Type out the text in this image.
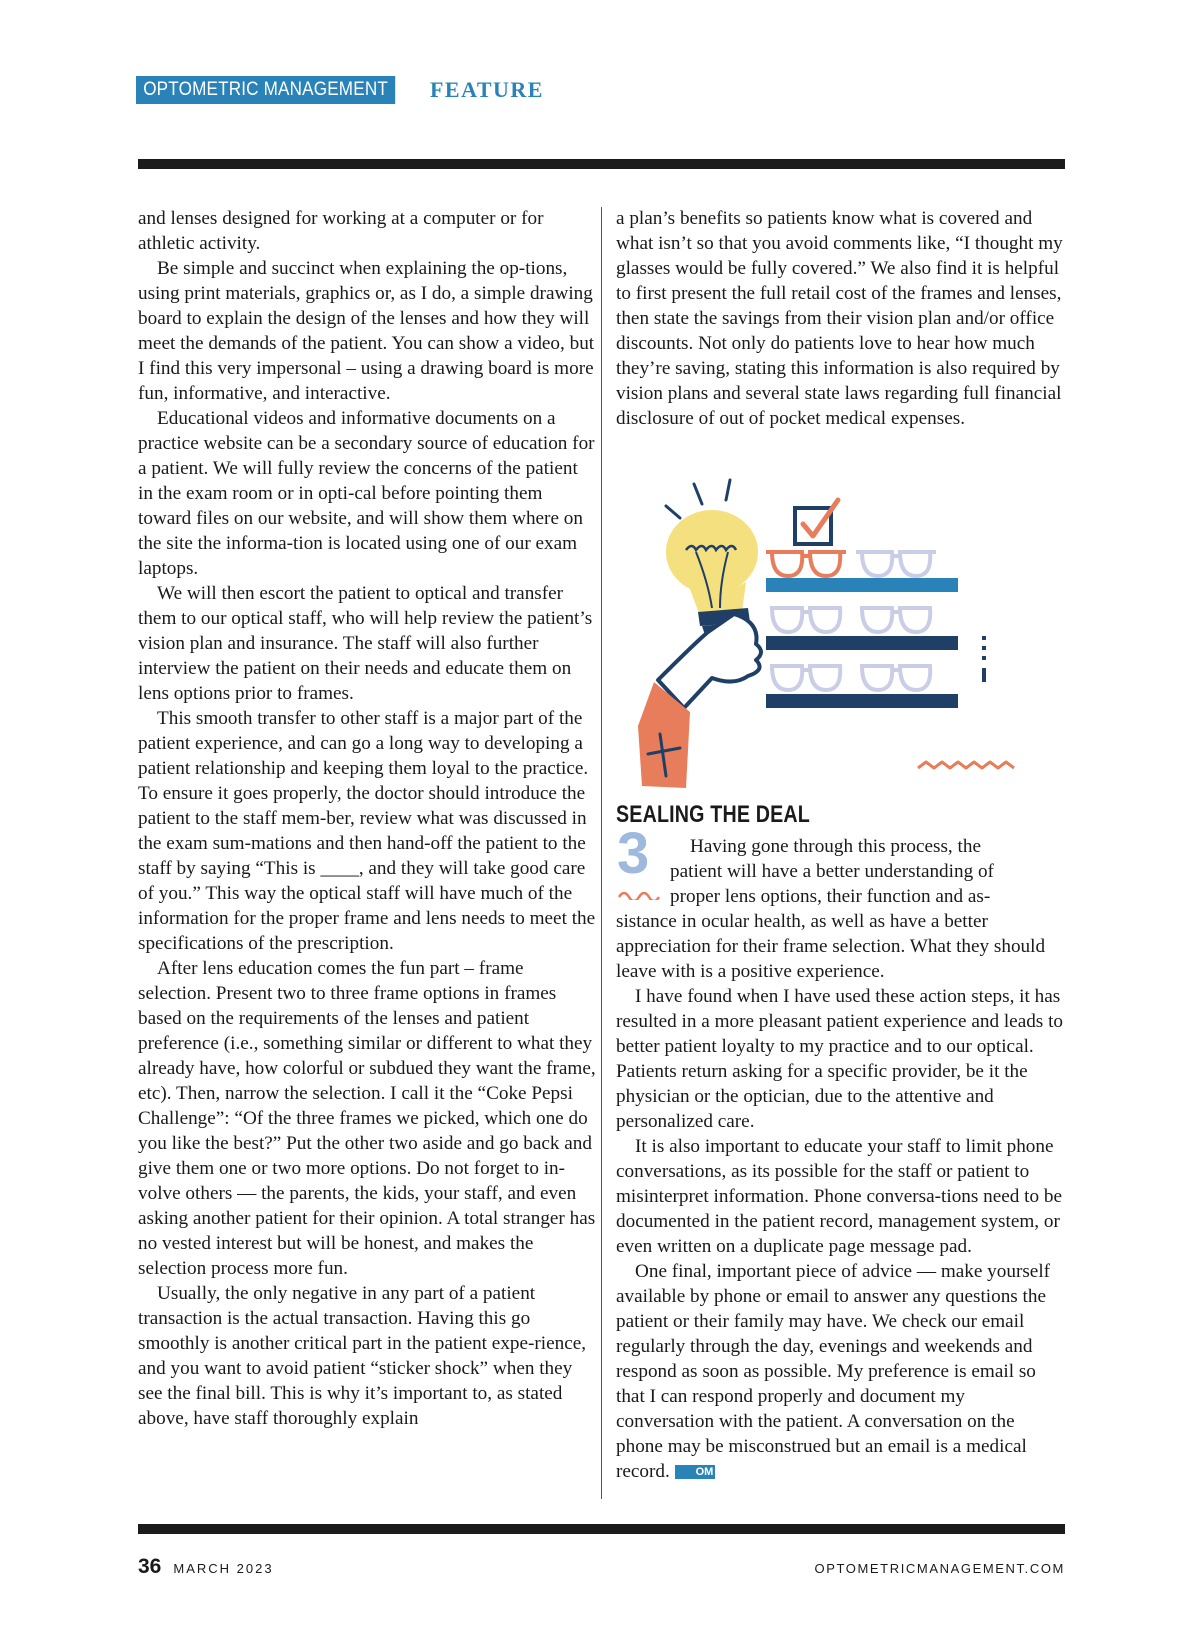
OPTOMETRIC MANAGEMENT	FEATURE

and lenses designed for working at a computer or for athletic activity.

Be simple and succinct when explaining the op-tions, using print materials, graphics or, as I do, a simple drawing board to explain the design of the lenses and how they will meet the demands of the patient. You can show a video, but I find this very impersonal – using a drawing board is more fun, informative, and interactive.

Educational videos and informative documents on a practice website can be a secondary source of education for a patient. We will fully review the concerns of the patient in the exam room or in opti-cal before pointing them toward files on our website, and will show them where on the site the informa-tion is located using one of our exam laptops.

We will then escort the patient to optical and transfer them to our optical staff, who will help review the patient’s vision plan and insurance. The staff will also further interview the patient on their needs and educate them on lens options prior to frames.

This smooth transfer to other staff is a major part of the patient experience, and can go a long way to developing a patient relationship and keeping them loyal to the practice. To ensure it goes properly, the doctor should introduce the patient to the staff mem-ber, review what was discussed in the exam sum-mations and then hand-off the patient to the staff by saying “This is ____, and they will take good care of you.” This way the optical staff will have much of the information for the proper frame and lens needs to meet the specifications of the prescription.

After lens education comes the fun part – frame selection. Present two to three frame options in frames based on the requirements of the lenses and patient preference (i.e., something similar or different to what they already have, how colorful or subdued they want the frame, etc). Then, narrow the selection. I call it the “Coke Pepsi Challenge”: “Of the three frames we picked, which one do you like the best?” Put the other two aside and go back and give them one or two more options. Do not forget to in-volve others — the parents, the kids, your staff, and even asking another patient for their opinion. A total stranger has no vested interest but will be honest, and makes the selection process more fun.

Usually, the only negative in any part of a patient transaction is the actual transaction. Having this go smoothly is another critical part in the patient expe-rience, and you want to avoid patient “sticker shock” when they see the final bill. This is why it’s important to, as stated above, have staff thoroughly explain

a plan’s benefits so patients know what is covered and what isn’t so that you avoid comments like, “I thought my glasses would be fully covered.” We also find it is helpful to first present the full retail cost of the frames and lenses, then state the savings from their vision plan and/or office discounts. Not only do patients love to hear how much they’re saving, stating this information is also required by vision plans and several state laws regarding full financial disclosure of out of pocket medical expenses.

SEALING THE DEAL
3	Having gone through this process, the

patient will have a better understanding of

proper lens options, their function and as-

sistance in ocular health, as well as have a better appreciation for their frame selection. What they should leave with is a positive experience.

I have found when I have used these action steps, it has resulted in a more pleasant patient experience and leads to better patient loyalty to my practice and to our optical. Patients return asking for a specific provider, be it the physician or the optician, due to the attentive and personalized care.

It is also important to educate your staff to limit phone conversations, as its possible for the staff or patient to misinterpret information. Phone conversa-tions need to be documented in the patient record, management system, or even written on a duplicate page message pad.

One final, important piece of advice — make yourself available by phone or email to answer any questions the patient or their family may have. We check our email regularly through the day, evenings and weekends and respond as soon as possible. My preference is email so that I can respond properly and document my conversation with the patient. A conversation on the phone may be misconstrued but an email is a medical record. OM

36 MARCH 2023	OPTOMETRICMANAGEMENT.COM
